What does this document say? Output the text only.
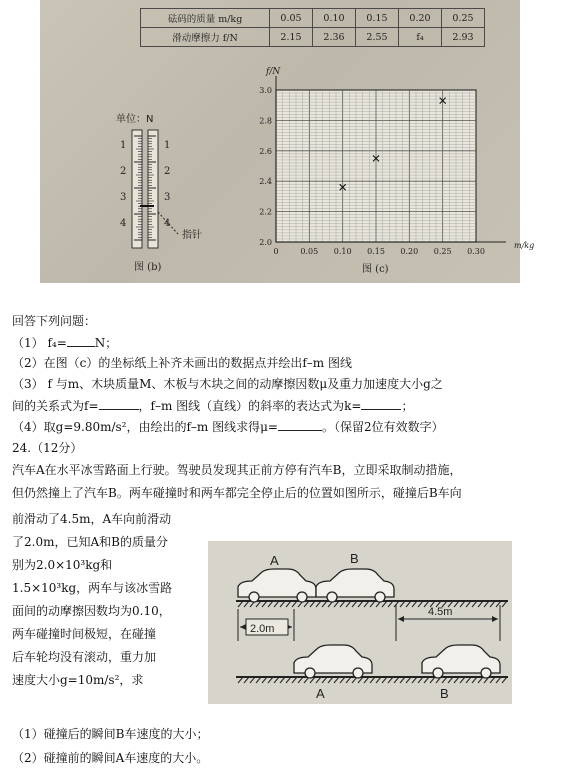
砝码的质量 m/kg	0.05	0.10	0.15	0.20	0.25
滑动摩擦力 f/N	2.15	2.36	2.55	f₄	2.93
单位：N
1
2
3
4
1
2
3
4
指针
图 (b)
0	0.05 0.10 0.15 0.20 0.25 0.30
2.0
2.2
2.4
2.6
2.8
3.0
f/N
m/kg
图 (c)
回答下列问题：
（1） f₄= N；
（2）在图（c）的坐标纸上补齐未画出的数据点并绘出f–m 图线
（3） f 与m、木块质量M、木板与木块之间的动摩擦因数μ及重力加速度大小g之
间的关系式为f=	，f–m 图线（直线）的斜率的表达式为k=	；
（4）取g=9.80m/s²，由绘出的f–m 图线求得μ=	。（保留2位有效数字）
24.（12分）
汽车A在水平冰雪路面上行驶。驾驶员发现其正前方停有汽车B，立即采取制动措施，
但仍然撞上了汽车B。两车碰撞时和两车都完全停止后的位置如图所示，碰撞后B车向
前滑动了4.5m，A车向前滑动
了2.0m，已知A和B的质量分
别为2.0×10³kg和
1.5×10³kg，两车与该冰雪路
面间的动摩擦因数均为0.10，
两车碰撞时间极短，在碰撞
后车轮均没有滚动，重力加
速度大小g=10m/s²，求
A	B
2.0m
4.5m
A	B
（1）碰撞后的瞬间B车速度的大小；
（2）碰撞前的瞬间A车速度的大小。
